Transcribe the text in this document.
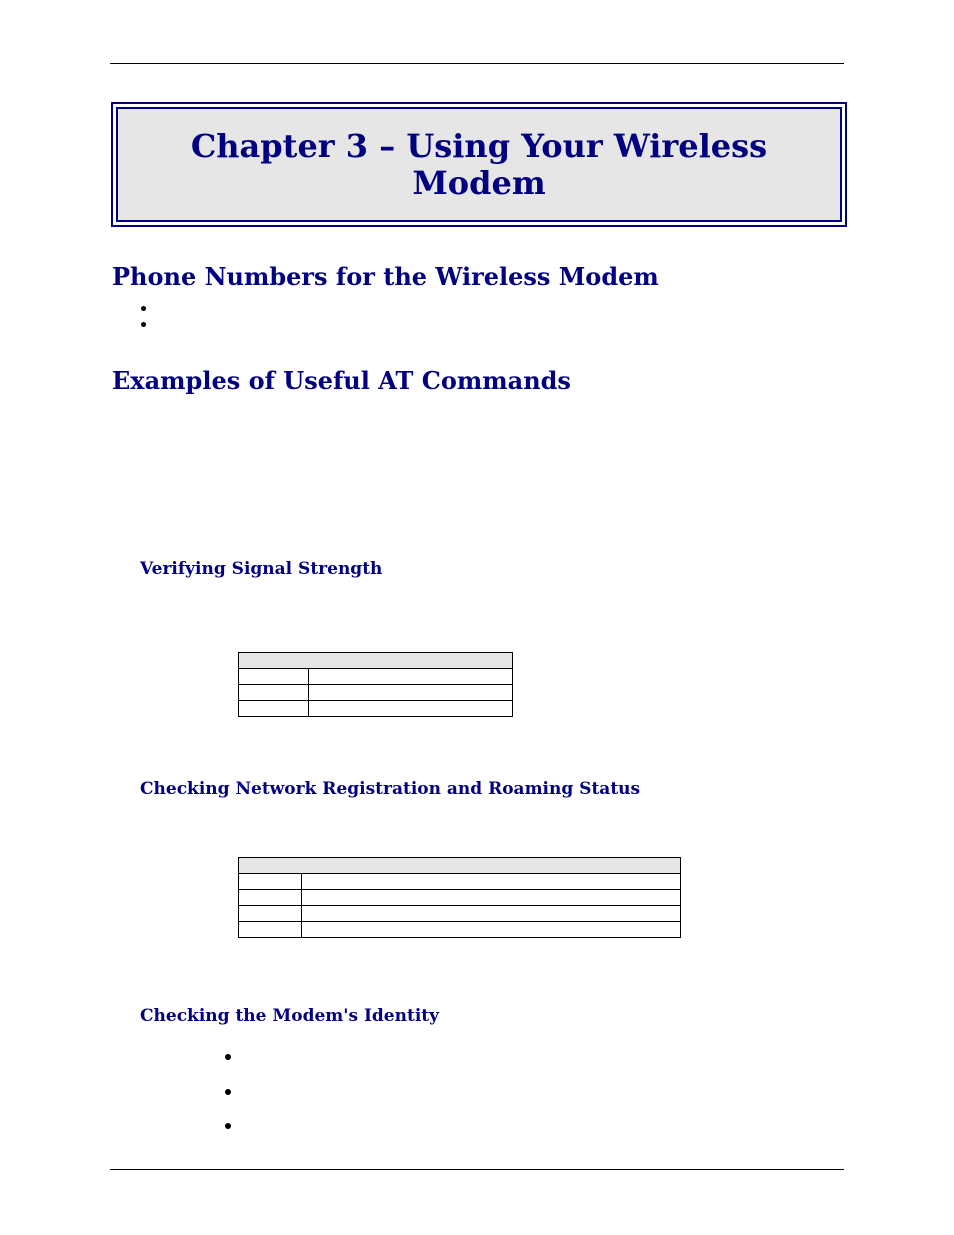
Chapter 3 – Using Your Wireless Modem
Phone Numbers for the Wireless Modem
Examples of Useful AT Commands
Verifying Signal Strength

Checking Network Registration and Roaming Status

Checking the Modem's Identity
